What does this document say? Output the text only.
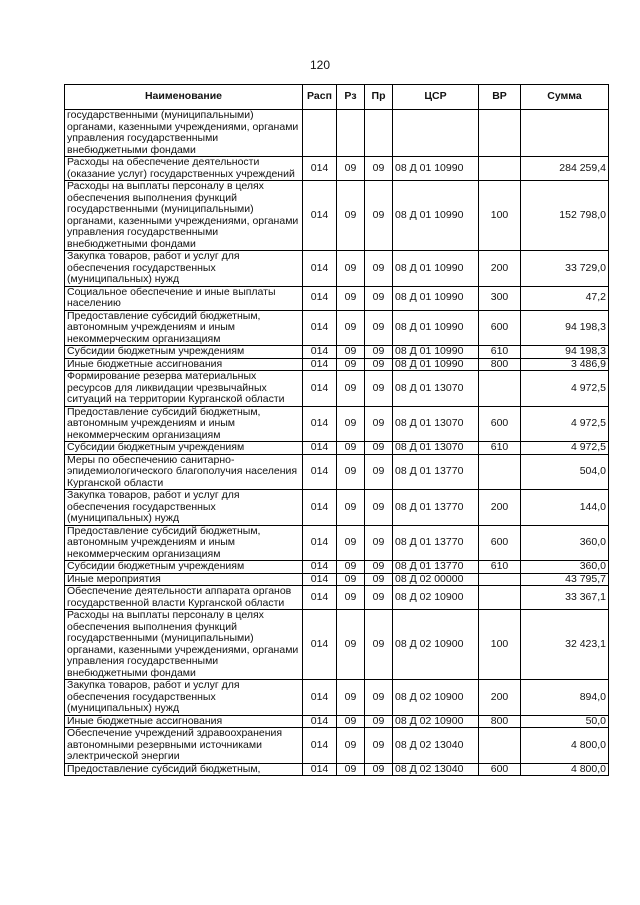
120
Наименование	Расп	Рз	Пр	ЦСР	ВР	Сумма
государственными (муниципальными) органами, казенными учреждениями, органами управления государственными внебюджетными фондами						
Расходы на обеспечение деятельности (оказание услуг) государственных учреждений	014	09	09	08 Д 01 10990		284 259,4
Расходы на выплаты персоналу в целях обеспечения выполнения функций государственными (муниципальными) органами, казенными учреждениями, органами управления государственными внебюджетными фондами	014	09	09	08 Д 01 10990	100	152 798,0
Закупка товаров, работ и услуг для обеспечения государственных (муниципальных) нужд	014	09	09	08 Д 01 10990	200	33 729,0
Социальное обеспечение и иные выплаты населению	014	09	09	08 Д 01 10990	300	47,2
Предоставление субсидий бюджетным, автономным учреждениям и иным некоммерческим организациям	014	09	09	08 Д 01 10990	600	94 198,3
Субсидии бюджетным учреждениям	014	09	09	08 Д 01 10990	610	94 198,3
Иные бюджетные ассигнования	014	09	09	08 Д 01 10990	800	3 486,9
Формирование резерва материальных ресурсов для ликвидации чрезвычайных ситуаций на территории Курганской области	014	09	09	08 Д 01 13070		4 972,5
Предоставление субсидий бюджетным, автономным учреждениям и иным некоммерческим организациям	014	09	09	08 Д 01 13070	600	4 972,5
Субсидии бюджетным учреждениям	014	09	09	08 Д 01 13070	610	4 972,5
Меры по обеспечению санитарно-эпидемиологического благополучия населения Курганской области	014	09	09	08 Д 01 13770		504,0
Закупка товаров, работ и услуг для обеспечения государственных (муниципальных) нужд	014	09	09	08 Д 01 13770	200	144,0
Предоставление субсидий бюджетным, автономным учреждениям и иным некоммерческим организациям	014	09	09	08 Д 01 13770	600	360,0
Субсидии бюджетным учреждениям	014	09	09	08 Д 01 13770	610	360,0
Иные мероприятия	014	09	09	08 Д 02 00000		43 795,7
Обеспечение деятельности аппарата органов государственной власти Курганской области	014	09	09	08 Д 02 10900		33 367,1
Расходы на выплаты персоналу в целях обеспечения выполнения функций государственными (муниципальными) органами, казенными учреждениями, органами управления государственными внебюджетными фондами	014	09	09	08 Д 02 10900	100	32 423,1
Закупка товаров, работ и услуг для обеспечения государственных (муниципальных) нужд	014	09	09	08 Д 02 10900	200	894,0
Иные бюджетные ассигнования	014	09	09	08 Д 02 10900	800	50,0
Обеспечение учреждений здравоохранения автономными резервными источниками электрической энергии	014	09	09	08 Д 02 13040		4 800,0
Предоставление субсидий бюджетным,	014	09	09	08 Д 02 13040	600	4 800,0
